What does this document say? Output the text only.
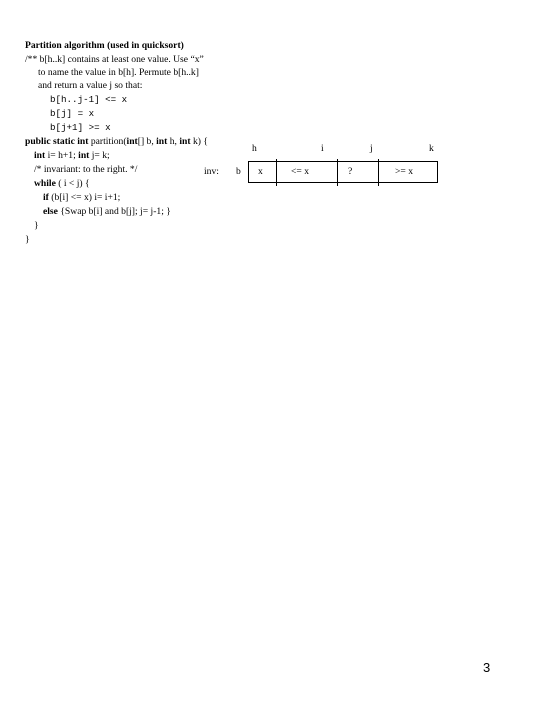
Partition algorithm (used in quicksort)
/** b[h..k] contains at least one value. Use “x”
to name the value in b[h]. Permute b[h..k]
and return a value j so that:
b[h..j-1] <= x
b[j] = x
b[j+1] >= x
public static int partition(int[] b, int h, int k) {
int i= h+1; int j= k;
/* invariant: to the right. */
while ( i < j) {
if (b[i] <= x) i= i+1;
else {Swap b[i] and b[j]; j= j-1; }
}
}
h	i	j	k
inv: b x	<= x	?	>= x
3
